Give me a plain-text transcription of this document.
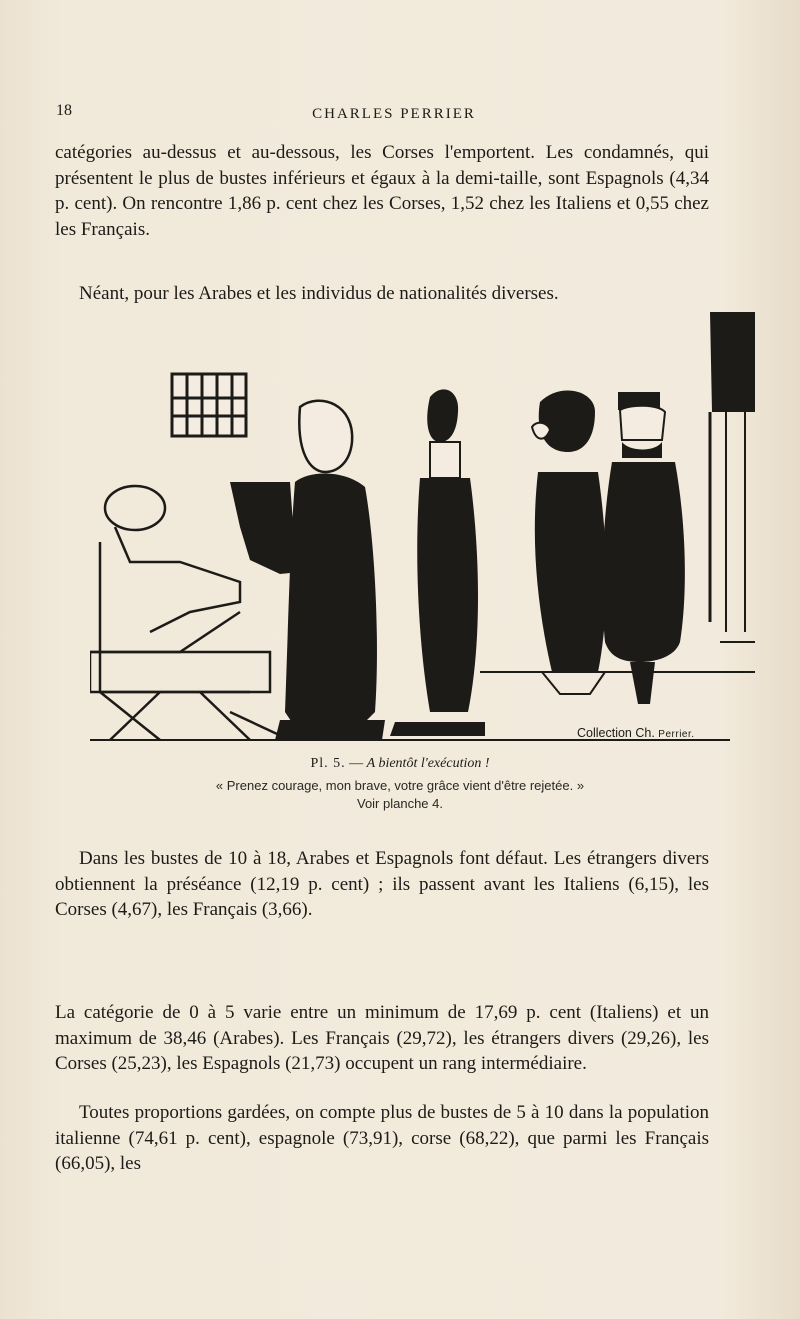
18	CHARLES PERRIER
catégories au-dessus et au-dessous, les Corses l'emportent. Les condamnés, qui présentent le plus de bustes inférieurs et égaux à la demi-taille, sont Espagnols (4,34 p. cent). On rencontre 1,86 p. cent chez les Corses, 1,52 chez les Italiens et 0,55 chez les Français.
Néant, pour les Arabes et les individus de nationalités diverses.
Collection Ch. Perrier.
Pl. 5. — A bientôt l'exécution !
« Prenez courage, mon brave, votre grâce vient d'être rejetée. »
Voir planche 4.
Dans les bustes de 10 à 18, Arabes et Espagnols font défaut. Les étrangers divers obtiennent la préséance (12,19 p. cent) ; ils passent avant les Italiens (6,15), les Corses (4,67), les Français (3,66).
La catégorie de 0 à 5 varie entre un minimum de 17,69 p. cent (Italiens) et un maximum de 38,46 (Arabes). Les Français (29,72), les étrangers divers (29,26), les Corses (25,23), les Espagnols (21,73) occupent un rang intermédiaire.
Toutes proportions gardées, on compte plus de bustes de 5 à 10 dans la population italienne (74,61 p. cent), espagnole (73,91), corse (68,22), que parmi les Français (66,05), les
